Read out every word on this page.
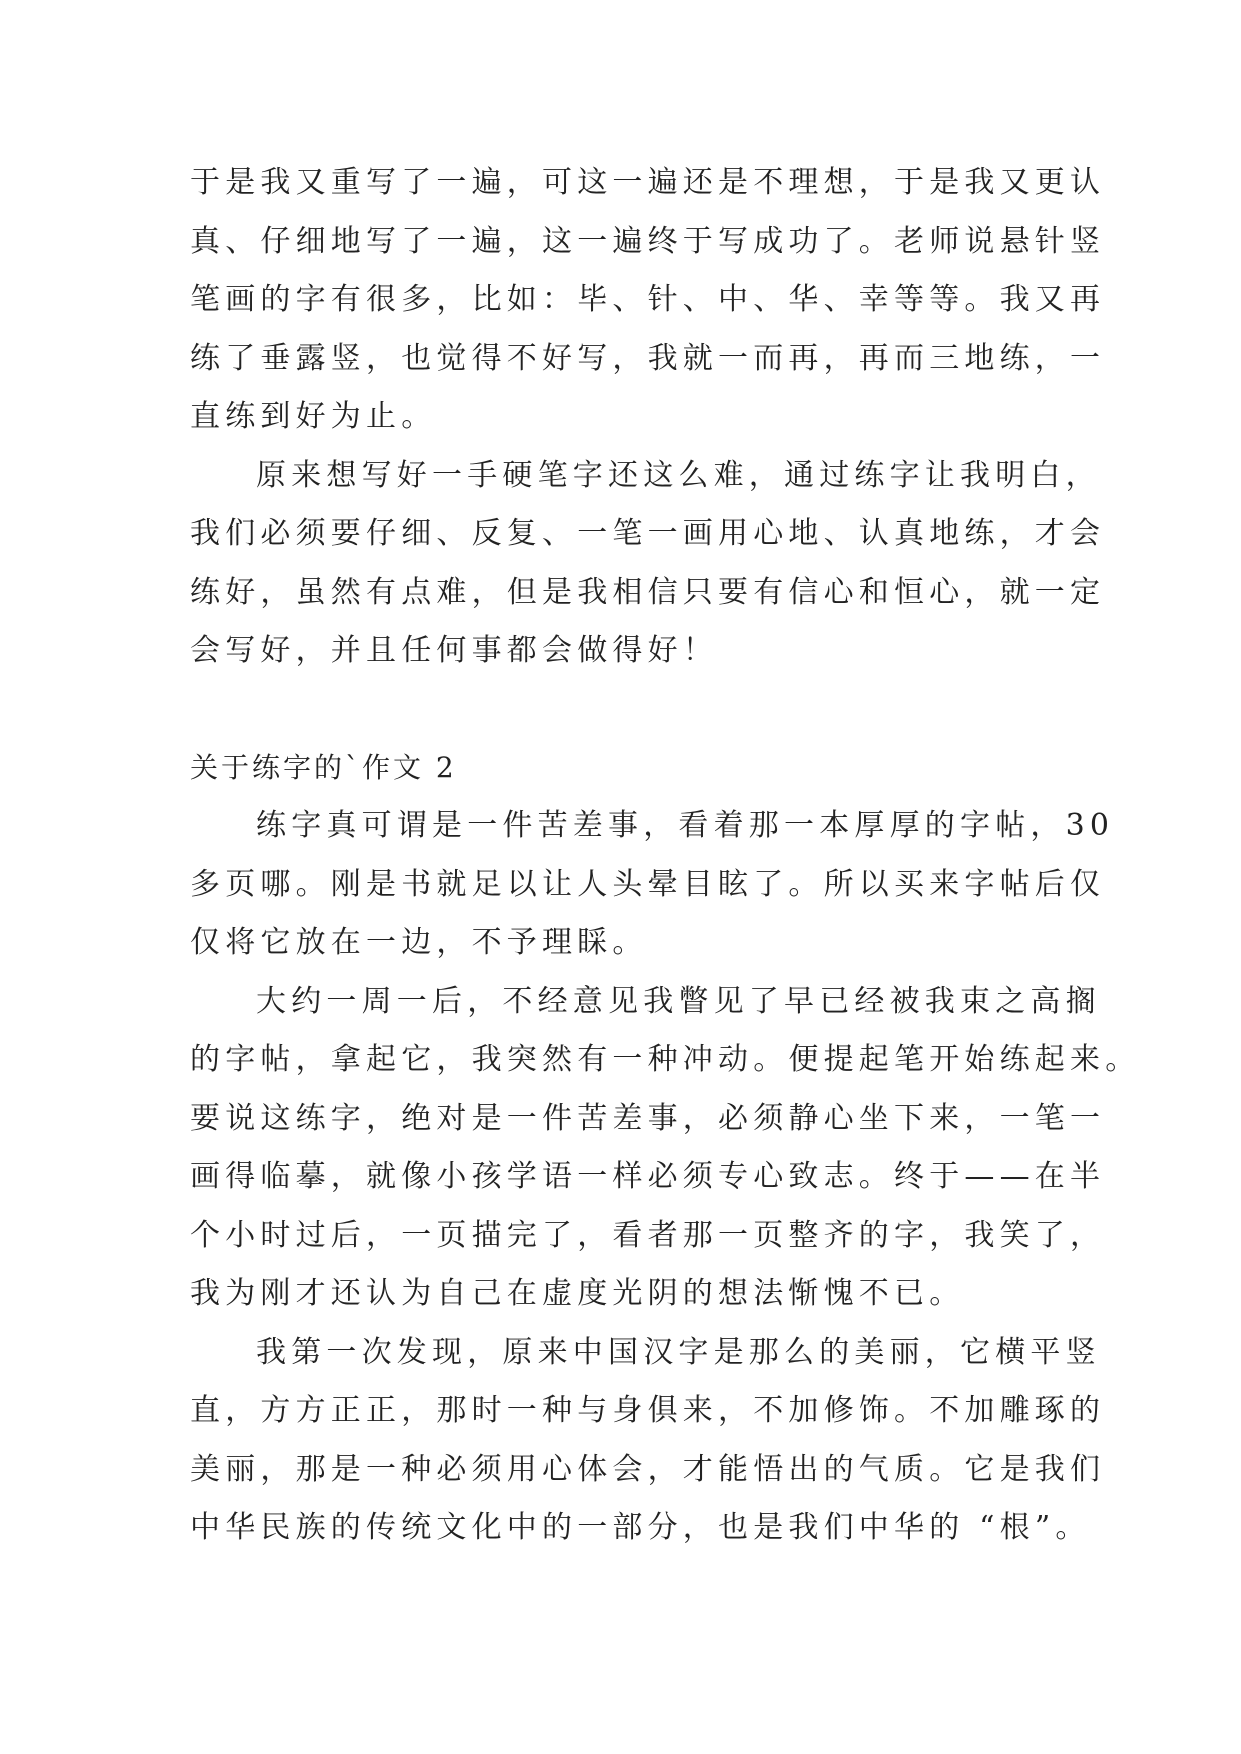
于是我又重写了一遍，可这一遍还是不理想，于是我又更认
真、仔细地写了一遍，这一遍终于写成功了。老师说悬针竖
笔画的字有很多，比如：毕、针、中、华、幸等等。我又再
练了垂露竖，也觉得不好写，我就一而再，再而三地练，一
直练到好为止。
原来想写好一手硬笔字还这么难，通过练字让我明白，
我们必须要仔细、反复、一笔一画用心地、认真地练，才会
练好，虽然有点难，但是我相信只要有信心和恒心，就一定
会写好，并且任何事都会做得好！
关于练字的`作文 2
练字真可谓是一件苦差事，看着那一本厚厚的字帖，30
多页哪。刚是书就足以让人头晕目眩了。所以买来字帖后仅
仅将它放在一边，不予理睬。
大约一周一后，不经意见我瞥见了早已经被我束之高搁
的字帖，拿起它，我突然有一种冲动。便提起笔开始练起来。
要说这练字，绝对是一件苦差事，必须静心坐下来，一笔一
画得临摹，就像小孩学语一样必须专心致志。终于——在半
个小时过后，一页描完了，看者那一页整齐的字，我笑了，
我为刚才还认为自己在虚度光阴的想法惭愧不已。
我第一次发现，原来中国汉字是那么的美丽，它横平竖
直，方方正正，那时一种与身俱来，不加修饰。不加雕琢的
美丽，那是一种必须用心体会，才能悟出的气质。它是我们
中华民族的传统文化中的一部分，也是我们中华的 “根”。
